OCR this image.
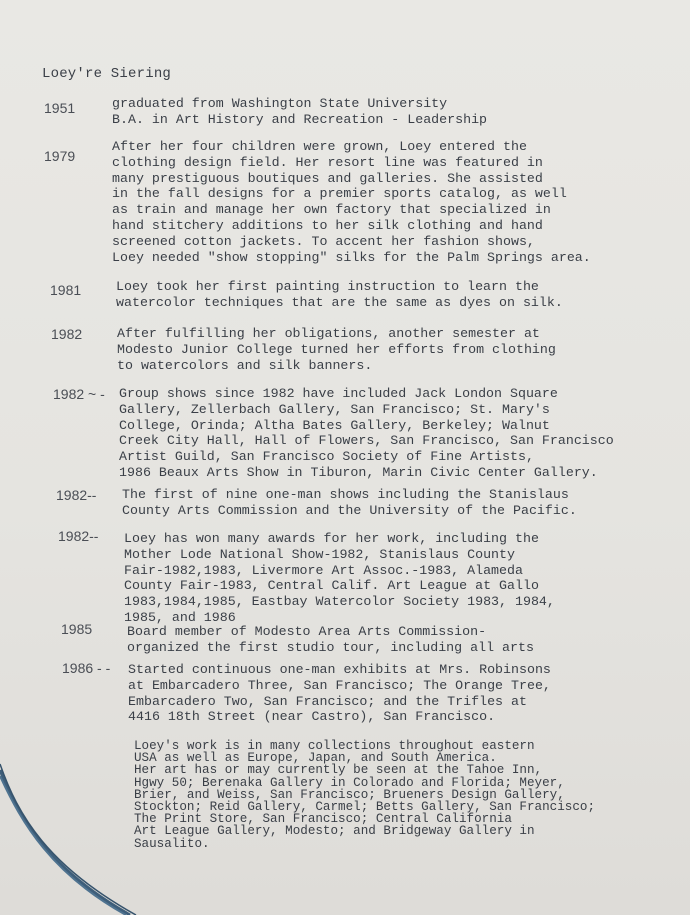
Loey're Siering
1951	graduated from Washington State University
B.A. in Art History and Recreation - Leadership
1979
After her four children were grown, Loey entered the
clothing design field. Her resort line was featured in
many prestiguous boutiques and galleries. She assisted
in the fall designs for a premier sports catalog, as well
as train and manage her own factory that specialized in
hand stitchery additions to her silk clothing and hand
screened cotton jackets. To accent her fashion shows,
Loey needed "show stopping" silks for the Palm Springs area.
1981	Loey took her first painting instruction to learn the
watercolor techniques that are the same as dyes on silk.
1982	After fulfilling her obligations, another semester at
Modesto Junior College turned her efforts from clothing
to watercolors and silk banners.
1982 ~ - Group shows since 1982 have included Jack London Square
Gallery, Zellerbach Gallery, San Francisco; St. Mary's
College, Orinda; Altha Bates Gallery, Berkeley; Walnut
Creek City Hall, Hall of Flowers, San Francisco, San Francisco
Artist Guild, San Francisco Society of Fine Artists,
1986 Beaux Arts Show in Tiburon, Marin Civic Center Gallery.
1982-- The first of nine one-man shows including the Stanislaus
County Arts Commission and the University of the Pacific.
1982-- Loey has won many awards for her work, including the
Mother Lode National Show-1982, Stanislaus County
Fair-1982,1983, Livermore Art Assoc.-1983, Alameda
County Fair-1983, Central Calif. Art League at Gallo
1983,1984,1985, Eastbay Watercolor Society 1983, 1984,
1985, and 1986
1985	Board member of Modesto Area Arts Commission-
organized the first studio tour, including all arts
1986 - - Started continuous one-man exhibits at Mrs. Robinsons
at Embarcadero Three, San Francisco; The Orange Tree,
Embarcadero Two, San Francisco; and the Trifles at
4416 18th Street (near Castro), San Francisco.
Loey's work is in many collections throughout eastern
USA as well as Europe, Japan, and South America.
Her art has or may currently be seen at the Tahoe Inn,
Hgwy 50; Berenaka Gallery in Colorado and Florida; Meyer,
Brier, and Weiss, San Francisco; Brueners Design Gallery,
Stockton; Reid Gallery, Carmel; Betts Gallery, San Francisco;
The Print Store, San Francisco; Central California
Art League Gallery, Modesto; and Bridgeway Gallery in
Sausalito.
